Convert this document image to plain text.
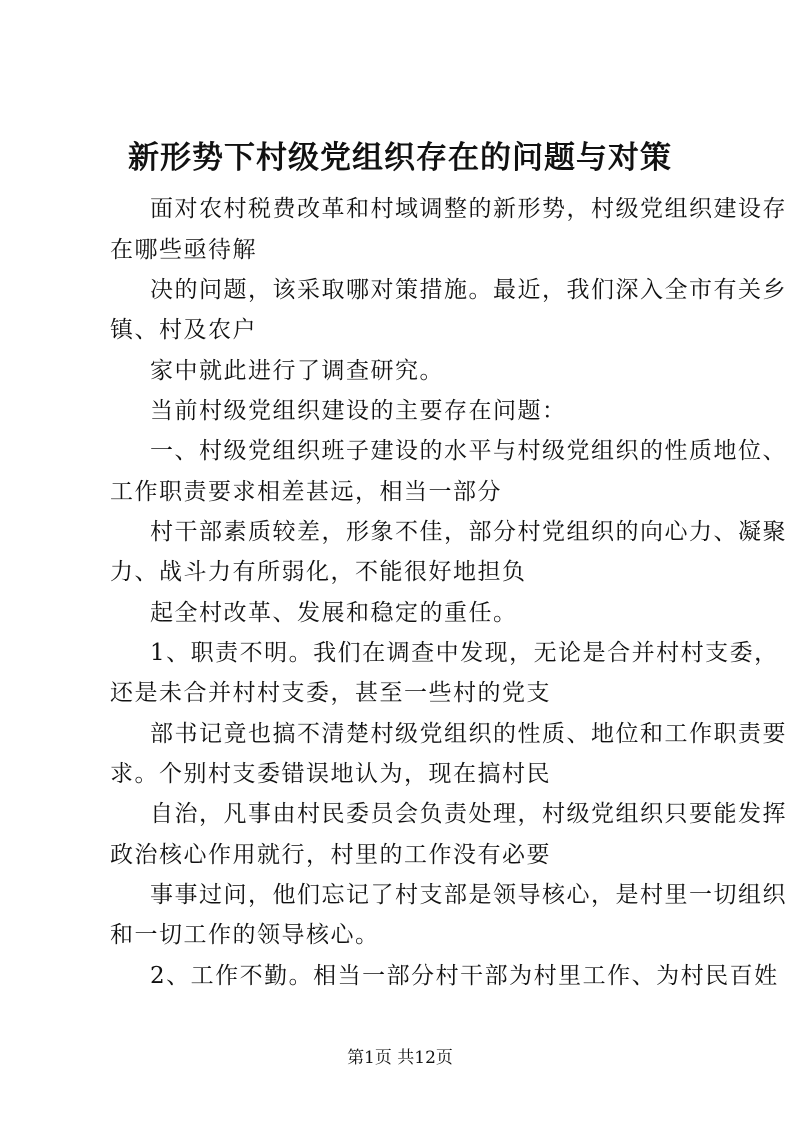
新形势下村级党组织存在的问题与对策
面对农村税费改革和村域调整的新形势，村级党组织建设存
在哪些亟待解
决的问题，该采取哪对策措施。最近，我们深入全市有关乡
镇、村及农户
家中就此进行了调查研究。
当前村级党组织建设的主要存在问题：
一、村级党组织班子建设的水平与村级党组织的性质地位、
工作职责要求相差甚远，相当一部分
村干部素质较差，形象不佳，部分村党组织的向心力、凝聚
力、战斗力有所弱化，不能很好地担负
起全村改革、发展和稳定的重任。
1、职责不明。我们在调查中发现，无论是合并村村支委，
还是未合并村村支委，甚至一些村的党支
部书记竟也搞不清楚村级党组织的性质、地位和工作职责要
求。个别村支委错误地认为，现在搞村民
自治，凡事由村民委员会负责处理，村级党组织只要能发挥
政治核心作用就行，村里的工作没有必要
事事过问，他们忘记了村支部是领导核心，是村里一切组织
和一切工作的领导核心。
2、工作不勤。相当一部分村干部为村里工作、为村民百姓
第1页 共12页
